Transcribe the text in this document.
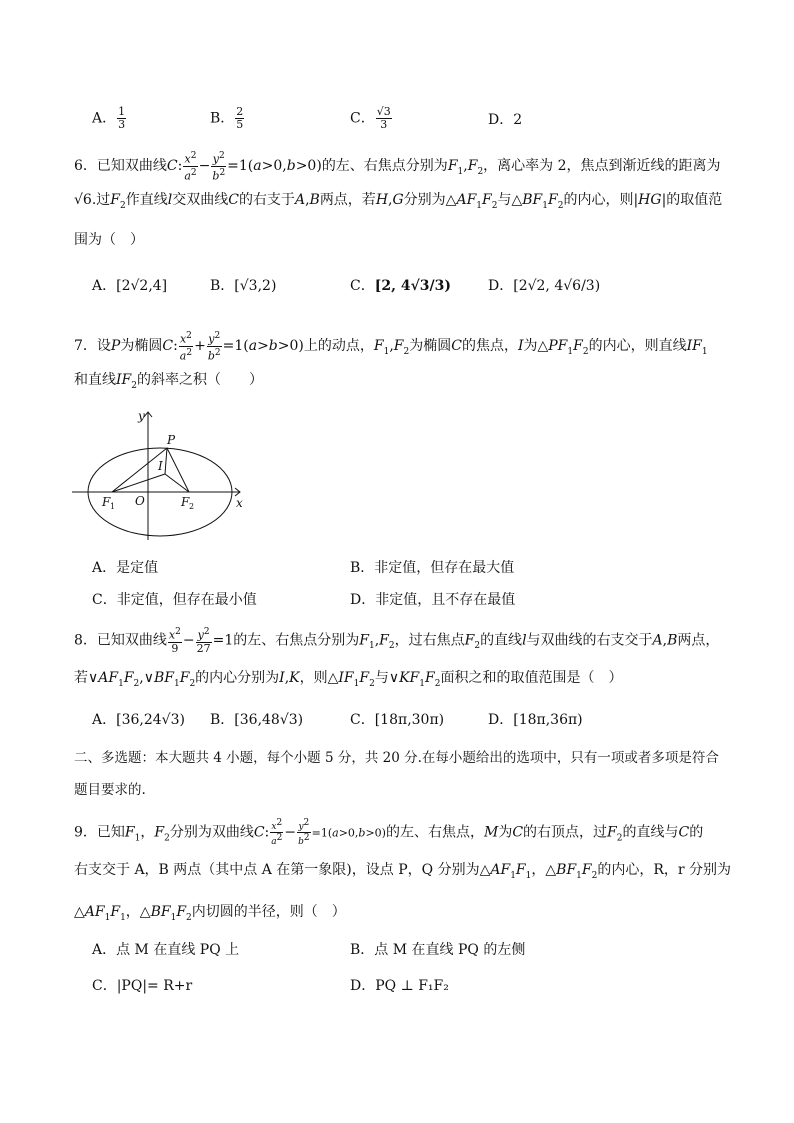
A． $\frac{1}{3}$	B． $\frac{2}{5}$	C． $\frac{√3}{3}$	D．2
6．已知双曲线C: $\frac{x^2}{a^2} - \frac{y^2}{b^2} =1(a>0,b>0)$的左、右焦点分别为$F_1,F_2$，离心率为 2，焦点到渐近线的距离为
√6.过$F_2$作直线l交双曲线C的右支于A,B两点，若H,G分别为$\triangle AF_1F_2$与$\triangle BF_1F_2$的内心，则|HG|的取值范
围为（　）
A．[2√2,4]	B．[√3,2)	C．[2, 4√3/3)	D．[2√2, 4√6/3)
7．设P为椭圆C: $\frac{x^2}{a^2} + \frac{y^2}{b^2} =1(a>b>0)$上的动点，$F_1,F_2$为椭圆C的焦点，I为$\triangle PF_1F_2$的内心，则直线$IF_1$
和直线$IF_2$的斜率之积（　　）
y
x
P
I
O
F 1	F 2
A．是定值	B．非定值，但存在最大值
C．非定值，但存在最小值	D．非定值，且不存在最值
8．已知双曲线 $\frac{x^2}{9} - \frac{y^2}{27} =1$的左、右焦点分别为$F_1,F_2$，过右焦点$F_2$的直线l与双曲线的右支交于A,B两点，
若$\vee AF_1F_2,\vee BF_1F_2$的内心分别为I,K，则$\triangle IF_1F_2$与$\vee KF_1F_2$面积之和的取值范围是（　）
A．[36,24√3) B．[36,48√3)	C．[18π,30π)	D．[18π,36π)
二、多选题：本大题共 4 小题，每个小题 5 分，共 20 分.在每小题给出的选项中，只有一项或者多项是符合
题目要求的.
9．已知$F_1$，$F_2$分别为双曲线C: $\frac{x^2}{a^2} - \frac{y^2}{b^2} =1(a>0,b>0)$的左、右焦点，M为C的右顶点，过$F_2$的直线与C的
右支交于 A，B 两点（其中点 A 在第一象限)，设点 P，Q 分别为$\triangle AF_1F_1$，$\triangle BF_1F_2$的内心，R，r 分别为
$\triangle AF_1F_1$，$\triangle BF_1F_2$内切圆的半径，则（　）
A．点 M 在直线 PQ 上	B．点 M 在直线 PQ 的左侧
C．|PQ|= R+r	D．PQ ⊥ F₁F₂
